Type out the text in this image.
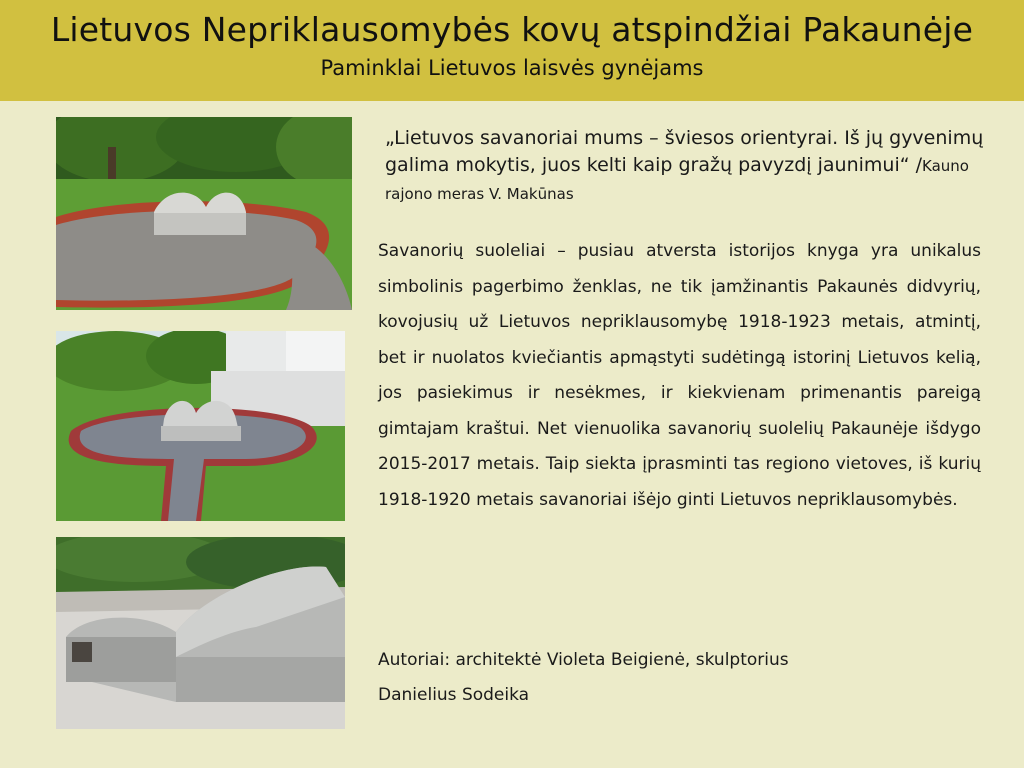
Lietuvos Nepriklausomybės kovų atspindžiai Pakaunėje
Paminklai Lietuvos laisvės gynėjams
„Lietuvos savanoriai mums – šviesos orientyrai. Iš jų gyvenimų galima mokytis, juos kelti kaip gražų pavyzdį jaunimui“ /Kauno rajono meras V. Makūnas
Savanorių suoleliai – pusiau atversta istorijos knyga yra unikalus simbolinis pagerbimo ženklas, ne tik įamžinantis Pakaunės didvyrių, kovojusių už Lietuvos nepriklausomybę 1918-1923 metais, atmintį, bet ir nuolatos kviečiantis apmąstyti sudėtingą istorinį Lietuvos kelią, jos pasiekimus ir nesėkmes, ir kiekvienam primenantis pareigą gimtajam kraštui. Net vienuolika savanorių suolelių Pakaunėje išdygo 2015-2017 metais. Taip siekta įprasminti tas regiono vietoves, iš kurių 1918-1920 metais savanoriai išėjo ginti Lietuvos nepriklausomybės.
Autoriai: architektė Violeta Beigienė, skulptorius
Danielius Sodeika
